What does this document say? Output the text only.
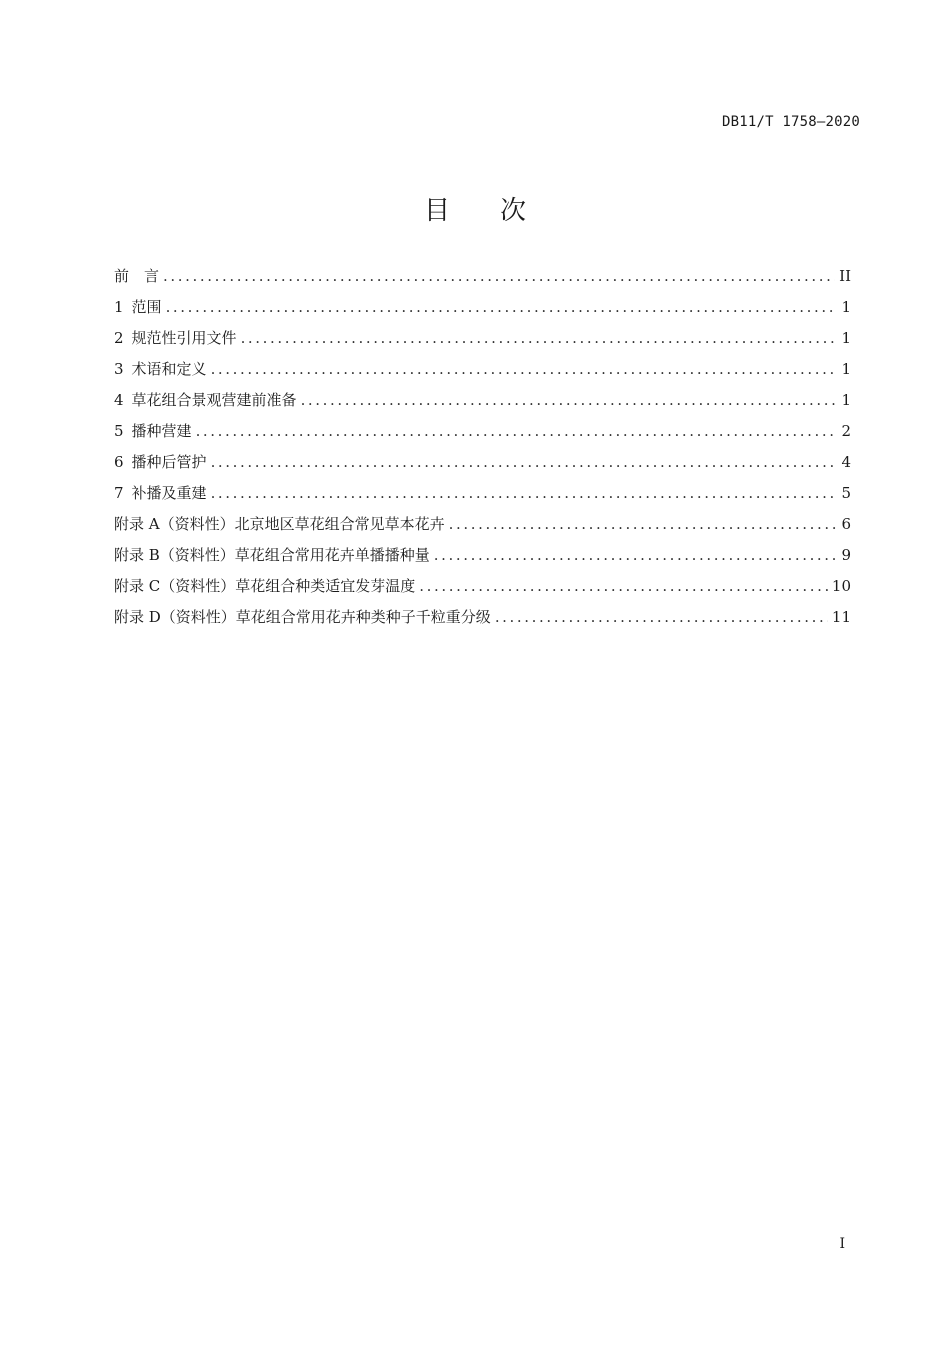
DB11/T 1758—2020
目 次
前　言 .....	II
1 范围 .....	1
2 规范性引用文件 .....	1
3 术语和定义 .....	1
4 草花组合景观营建前准备 .....	1
5 播种营建 .....	2
6 播种后管护 .....	4
7 补播及重建 .....	5
附录 A（资料性）北京地区草花组合常见草本花卉 .....	6
附录 B（资料性）草花组合常用花卉单播播种量 .....	9
附录 C（资料性）草花组合种类适宜发芽温度 .....	10
附录 D（资料性）草花组合常用花卉种类种子千粒重分级 .....	11
I
